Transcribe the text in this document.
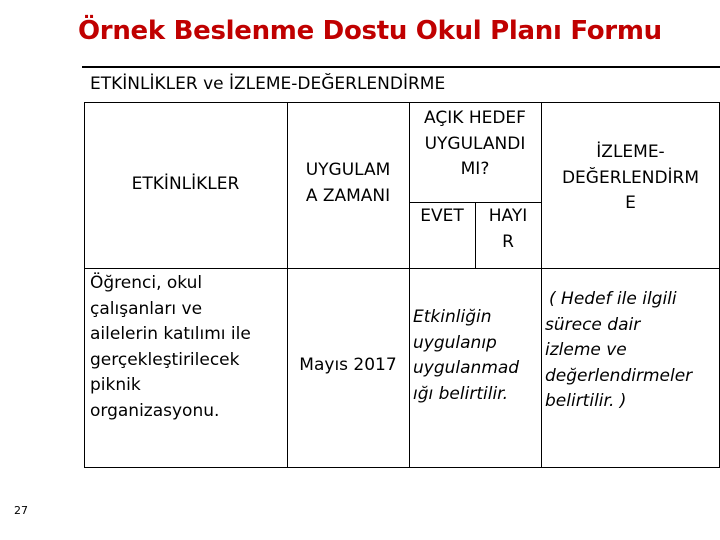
Örnek Beslenme Dostu Okul Planı Formu
ETKİNLİKLER ve İZLEME-DEĞERLENDİRME
ETKİNLİKLER
UYGULAM
A ZAMANI
AÇIK HEDEF
UYGULANDI
MI?
EVET	HAYI
R
İZLEME-
DEĞERLENDİRM
E
Öğrenci, okul
çalışanları ve
ailelerin katılımı ile
gerçekleştirilecek
piknik
organizasyonu.
Mayıs 2017
Etkinliğin
uygulanıp
uygulanmad
ığı belirtilir.
( Hedef ile ilgili
sürece dair
izleme ve
değerlendirmeler
belirtilir. )
27
